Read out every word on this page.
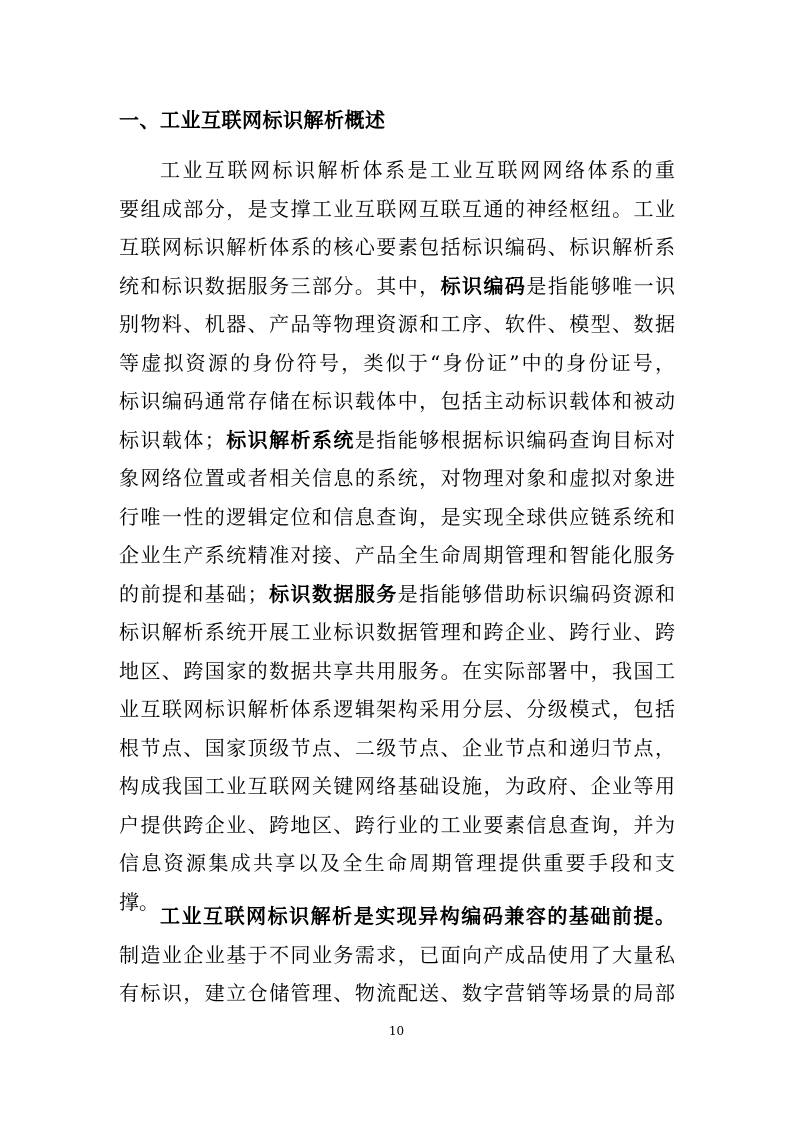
一、工业互联网标识解析概述
工业互联网标识解析体系是工业互联网网络体系的重
要组成部分，是支撑工业互联网互联互通的神经枢纽。工业
互联网标识解析体系的核心要素包括标识编码、标识解析系
统和标识数据服务三部分。其中，标识编码是指能够唯一识
别物料、机器、产品等物理资源和工序、软件、模型、数据
等虚拟资源的身份符号，类似于“身份证”中的身份证号，
标识编码通常存储在标识载体中，包括主动标识载体和被动
标识载体；标识解析系统是指能够根据标识编码查询目标对
象网络位置或者相关信息的系统，对物理对象和虚拟对象进
行唯一性的逻辑定位和信息查询，是实现全球供应链系统和
企业生产系统精准对接、产品全生命周期管理和智能化服务
的前提和基础；标识数据服务是指能够借助标识编码资源和
标识解析系统开展工业标识数据管理和跨企业、跨行业、跨
地区、跨国家的数据共享共用服务。在实际部署中，我国工
业互联网标识解析体系逻辑架构采用分层、分级模式，包括
根节点、国家顶级节点、二级节点、企业节点和递归节点，
构成我国工业互联网关键网络基础设施，为政府、企业等用
户提供跨企业、跨地区、跨行业的工业要素信息查询，并为
信息资源集成共享以及全生命周期管理提供重要手段和支
撑。
工业互联网标识解析是实现异构编码兼容的基础前提。
制造业企业基于不同业务需求，已面向产成品使用了大量私
有标识，建立仓储管理、物流配送、数字营销等场景的局部
10
